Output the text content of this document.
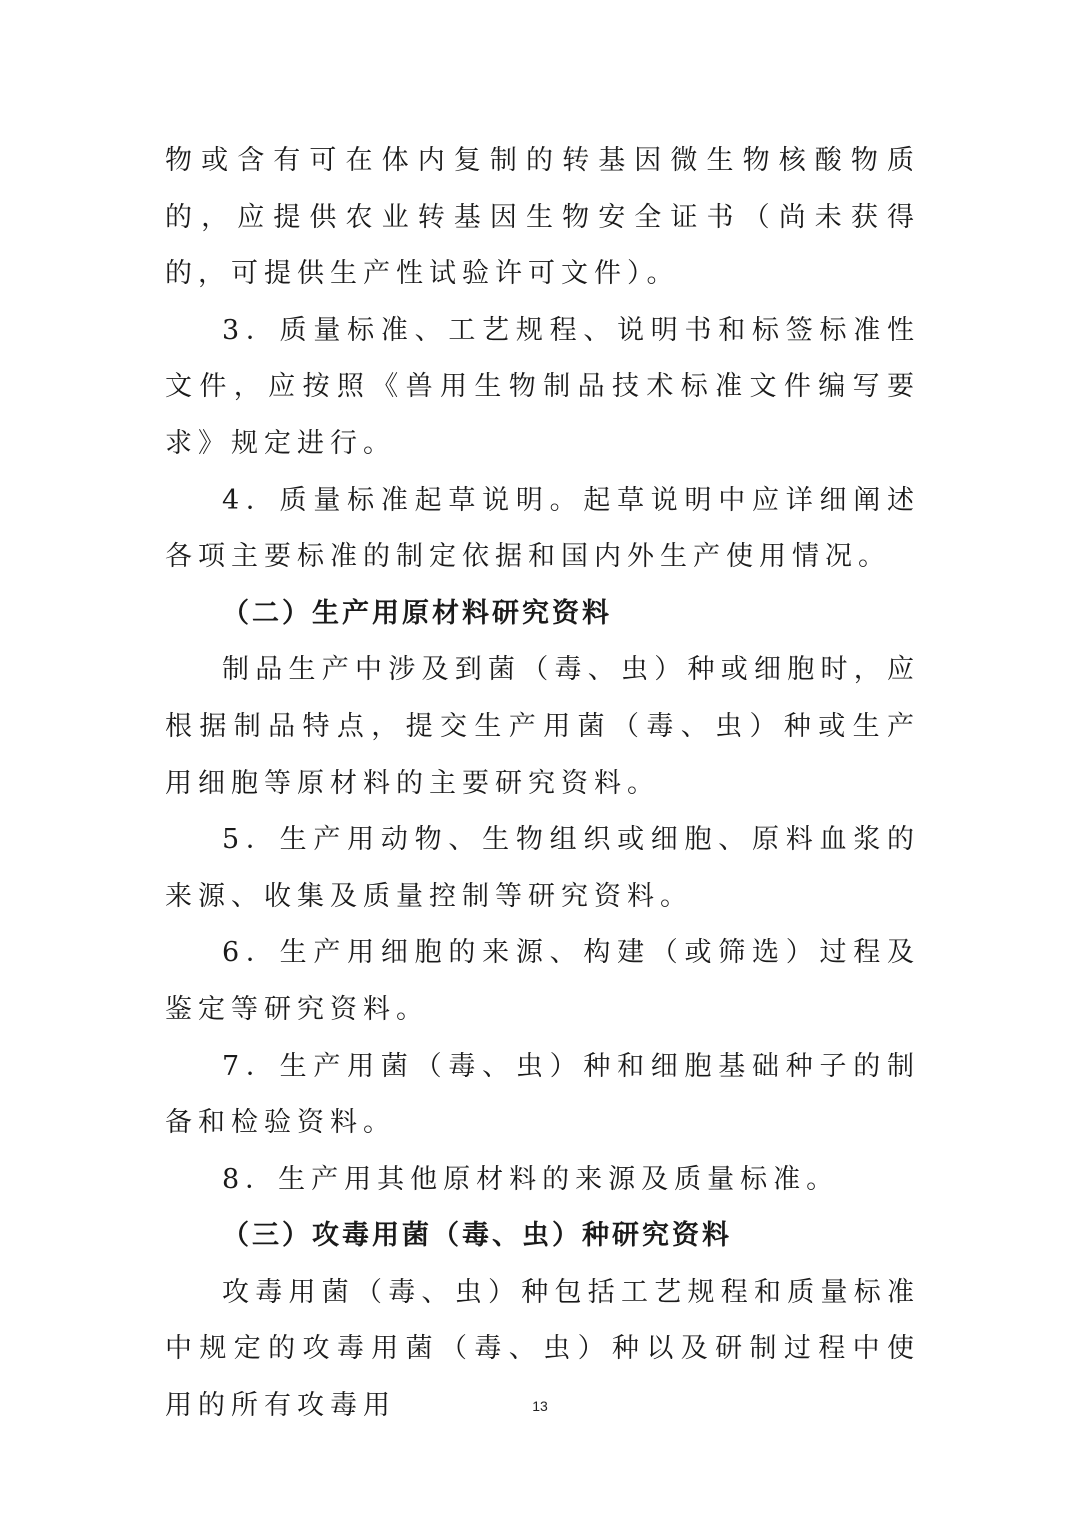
物或含有可在体内复制的转基因微生物核酸物质的，应提供农业转基因生物安全证书（尚未获得的，可提供生产性试验许可文件）。

3．质量标准、工艺规程、说明书和标签标准性文件，应按照《兽用生物制品技术标准文件编写要求》规定进行。

4．质量标准起草说明。起草说明中应详细阐述各项主要标准的制定依据和国内外生产使用情况。

（二）生产用原材料研究资料

制品生产中涉及到菌（毒、虫）种或细胞时，应根据制品特点，提交生产用菌（毒、虫）种或生产用细胞等原材料的主要研究资料。

5．生产用动物、生物组织或细胞、原料血浆的来源、收集及质量控制等研究资料。

6．生产用细胞的来源、构建（或筛选）过程及鉴定等研究资料。

7．生产用菌（毒、虫）种和细胞基础种子的制备和检验资料。

8．生产用其他原材料的来源及质量标准。

（三）攻毒用菌（毒、虫）种研究资料

攻毒用菌（毒、虫）种包括工艺规程和质量标准中规定的攻毒用菌（毒、虫）种以及研制过程中使用的所有攻毒用	13
